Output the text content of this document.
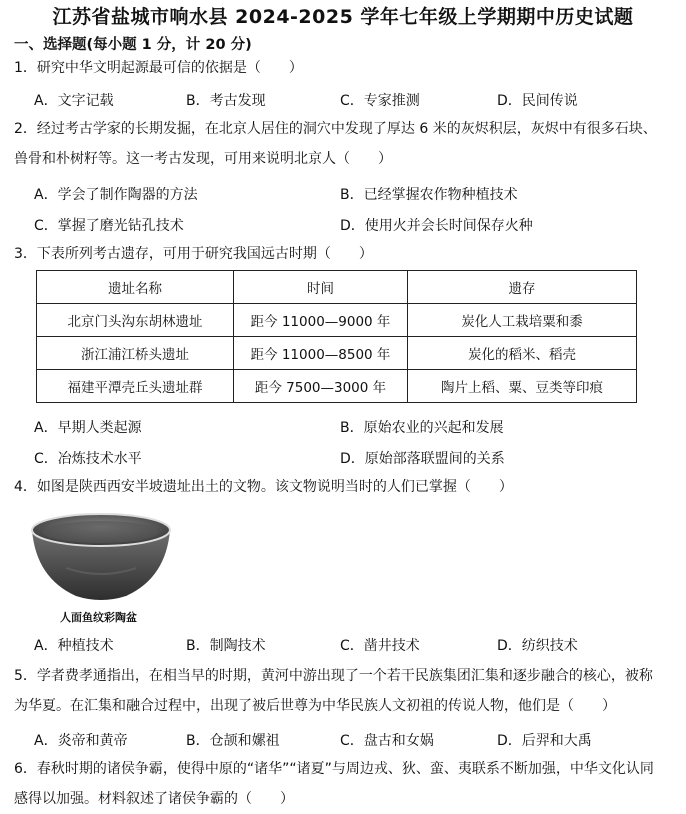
江苏省盐城市响水县 2024-2025 学年七年级上学期期中历史试题
一、选择题(每小题 1 分，计 20 分)
1．研究中华文明起源最可信的依据是（　　）
A．文字记载	B．考古发现	C．专家推测	D．民间传说
2．经过考古学家的长期发掘，在北京人居住的洞穴中发现了厚达 6 米的灰烬积层，灰烬中有很多石块、兽骨和朴树籽等。这一考古发现，可用来说明北京人（　　）
A．学会了制作陶器的方法	B．已经掌握农作物种植技术
C．掌握了磨光钻孔技术	D．使用火并会长时间保存火种
3．下表所列考古遗存，可用于研究我国远古时期（　　）
遗址名称	时间	遗存
北京门头沟东胡林遗址	距今 11000—9000 年	炭化人工栽培粟和黍
浙江浦江桥头遗址	距今 11000—8500 年	炭化的稻米、稻壳
福建平潭壳丘头遗址群	距今 7500—3000 年	陶片上稻、粟、豆类等印痕
A．早期人类起源	B．原始农业的兴起和发展
C．冶炼技术水平	D．原始部落联盟间的关系
4．如图是陕西西安半坡遗址出土的文物。该文物说明当时的人们已掌握（　　）
人面鱼纹彩陶盆
A．种植技术	B．制陶技术	C．凿井技术	D．纺织技术
5．学者费孝通指出，在相当早的时期，黄河中游出现了一个若干民族集团汇集和逐步融合的核心，被称为华夏。在汇集和融合过程中，出现了被后世尊为中华民族人文初祖的传说人物，他们是（　　）
A．炎帝和黄帝	B．仓颉和嫘祖	C．盘古和女娲	D．后羿和大禹
6．春秋时期的诸侯争霸，使得中原的“诸华”“诸夏”与周边戎、狄、蛮、夷联系不断加强，中华文化认同感得以加强。材料叙述了诸侯争霸的（　　）
